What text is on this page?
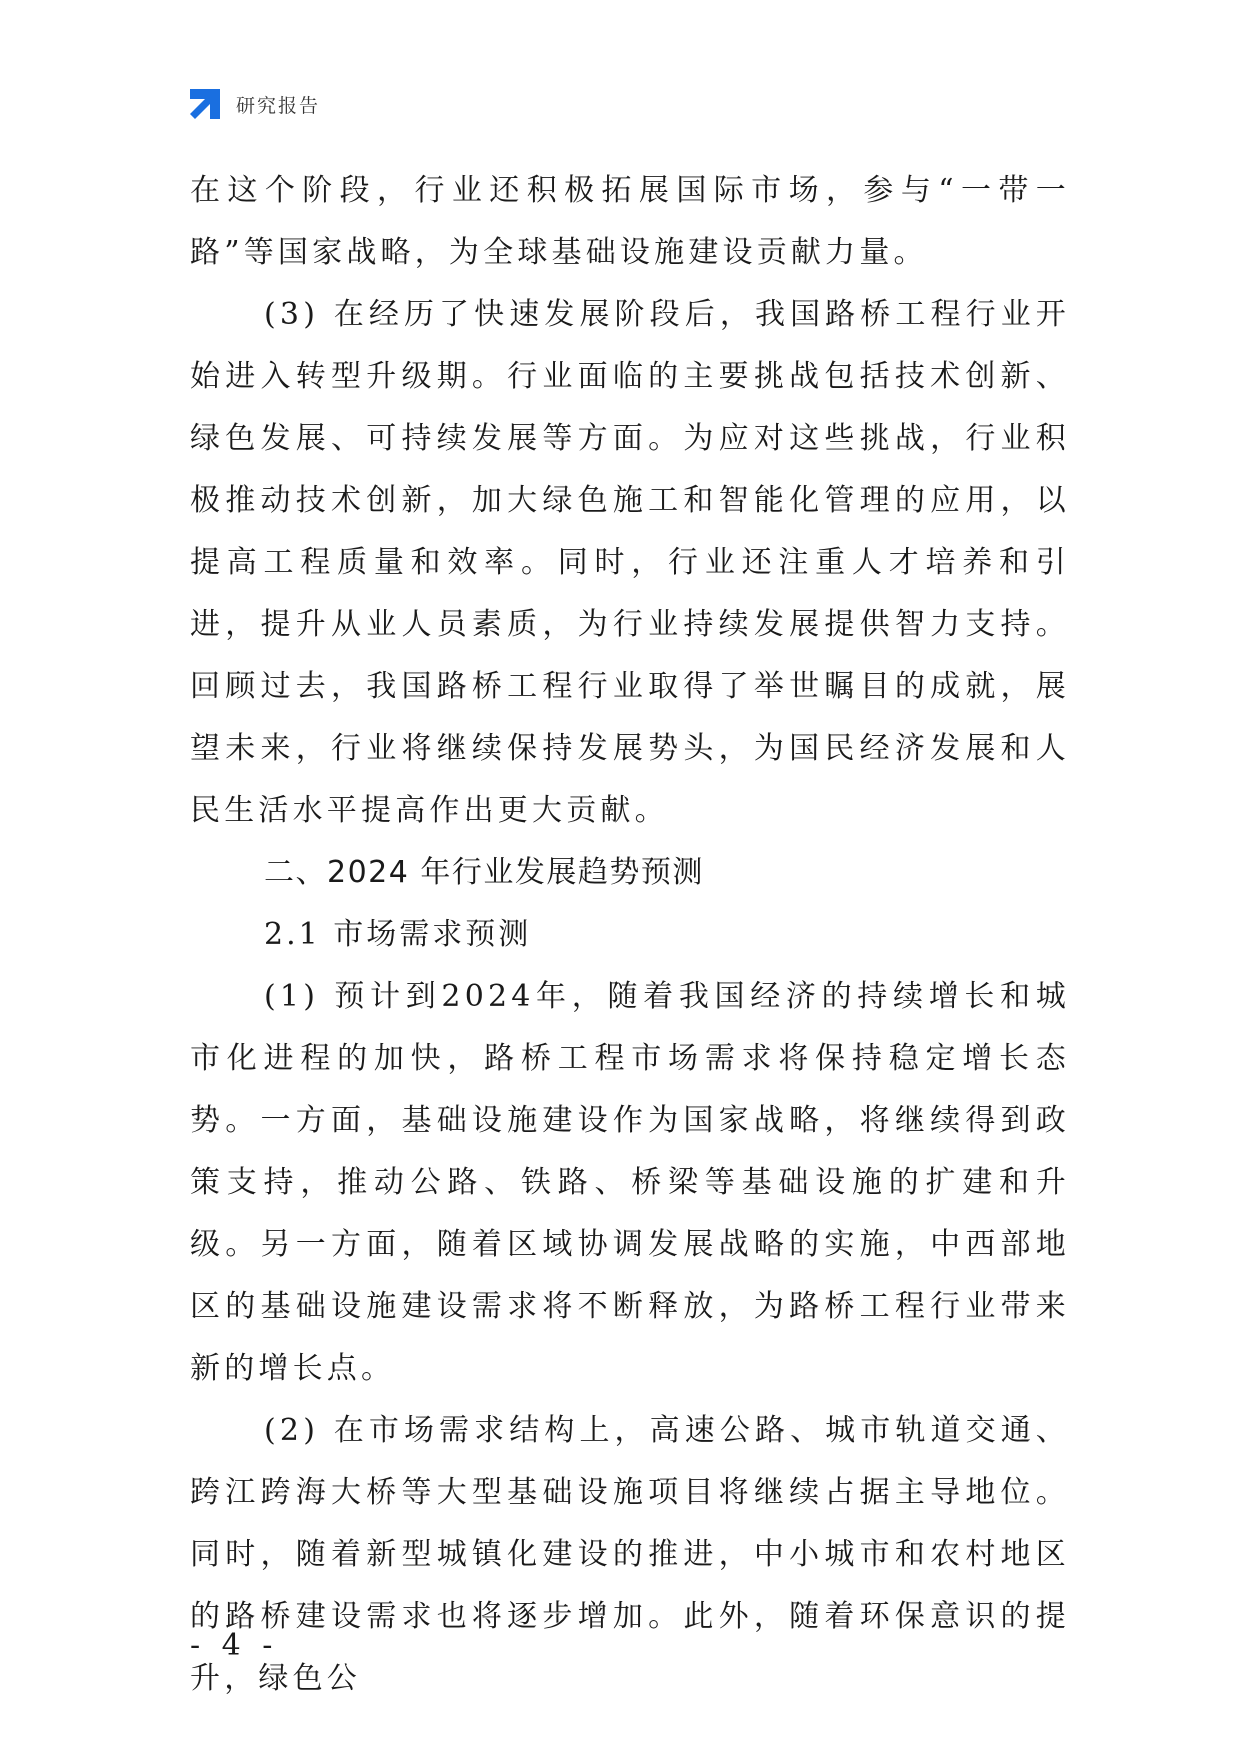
研究报告

在这个阶段，行业还积极拓展国际市场，参与“一带一路”等国家战略，为全球基础设施建设贡献力量。

(3) 在经历了快速发展阶段后，我国路桥工程行业开始进入转型升级期。行业面临的主要挑战包括技术创新、绿色发展、可持续发展等方面。为应对这些挑战，行业积极推动技术创新，加大绿色施工和智能化管理的应用，以提高工程质量和效率。同时，行业还注重人才培养和引进，提升从业人员素质，为行业持续发展提供智力支持。回顾过去，我国路桥工程行业取得了举世瞩目的成就，展望未来，行业将继续保持发展势头，为国民经济发展和人民生活水平提高作出更大贡献。

二、2024 年行业发展趋势预测

2.1 市场需求预测

(1) 预计到2024年，随着我国经济的持续增长和城市化进程的加快，路桥工程市场需求将保持稳定增长态势。一方面，基础设施建设作为国家战略，将继续得到政策支持，推动公路、铁路、桥梁等基础设施的扩建和升级。另一方面，随着区域协调发展战略的实施，中西部地区的基础设施建设需求将不断释放，为路桥工程行业带来新的增长点。

(2) 在市场需求结构上，高速公路、城市轨道交通、跨江跨海大桥等大型基础设施项目将继续占据主导地位。同时，随着新型城镇化建设的推进，中小城市和农村地区的路桥建设需求也将逐步增加。此外，随着环保意识的提升，绿色公

- 4 -
